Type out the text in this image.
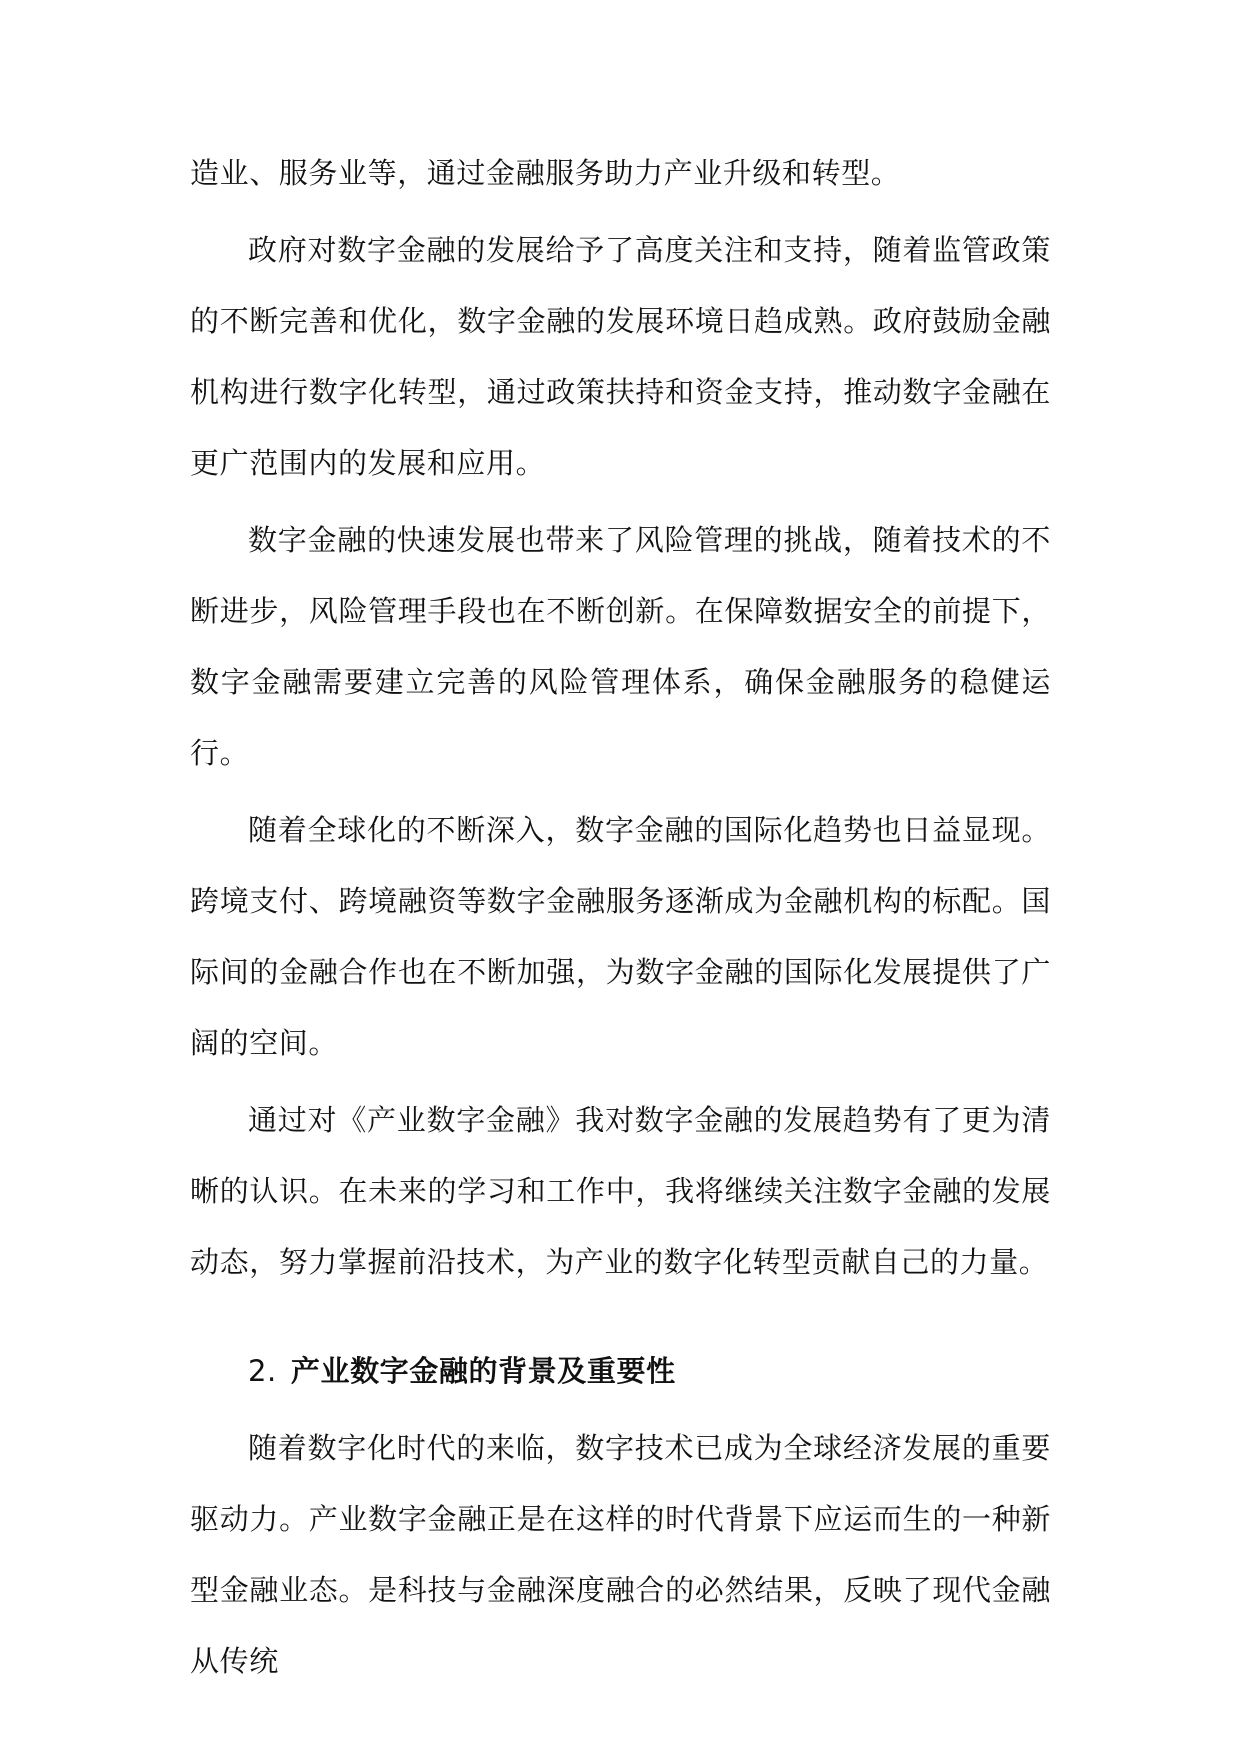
造业、服务业等，通过金融服务助力产业升级和转型。

政府对数字金融的发展给予了高度关注和支持，随着监管政策的不断完善和优化，数字金融的发展环境日趋成熟。政府鼓励金融机构进行数字化转型，通过政策扶持和资金支持，推动数字金融在更广范围内的发展和应用。

数字金融的快速发展也带来了风险管理的挑战，随着技术的不断进步，风险管理手段也在不断创新。在保障数据安全的前提下，数字金融需要建立完善的风险管理体系，确保金融服务的稳健运行。

随着全球化的不断深入，数字金融的国际化趋势也日益显现。跨境支付、跨境融资等数字金融服务逐渐成为金融机构的标配。国际间的金融合作也在不断加强，为数字金融的国际化发展提供了广阔的空间。

通过对《产业数字金融》我对数字金融的发展趋势有了更为清晰的认识。在未来的学习和工作中，我将继续关注数字金融的发展动态，努力掌握前沿技术，为产业的数字化转型贡献自己的力量。

2. 产业数字金融的背景及重要性

随着数字化时代的来临，数字技术已成为全球经济发展的重要驱动力。产业数字金融正是在这样的时代背景下应运而生的一种新型金融业态。是科技与金融深度融合的必然结果，反映了现代金融从传统
